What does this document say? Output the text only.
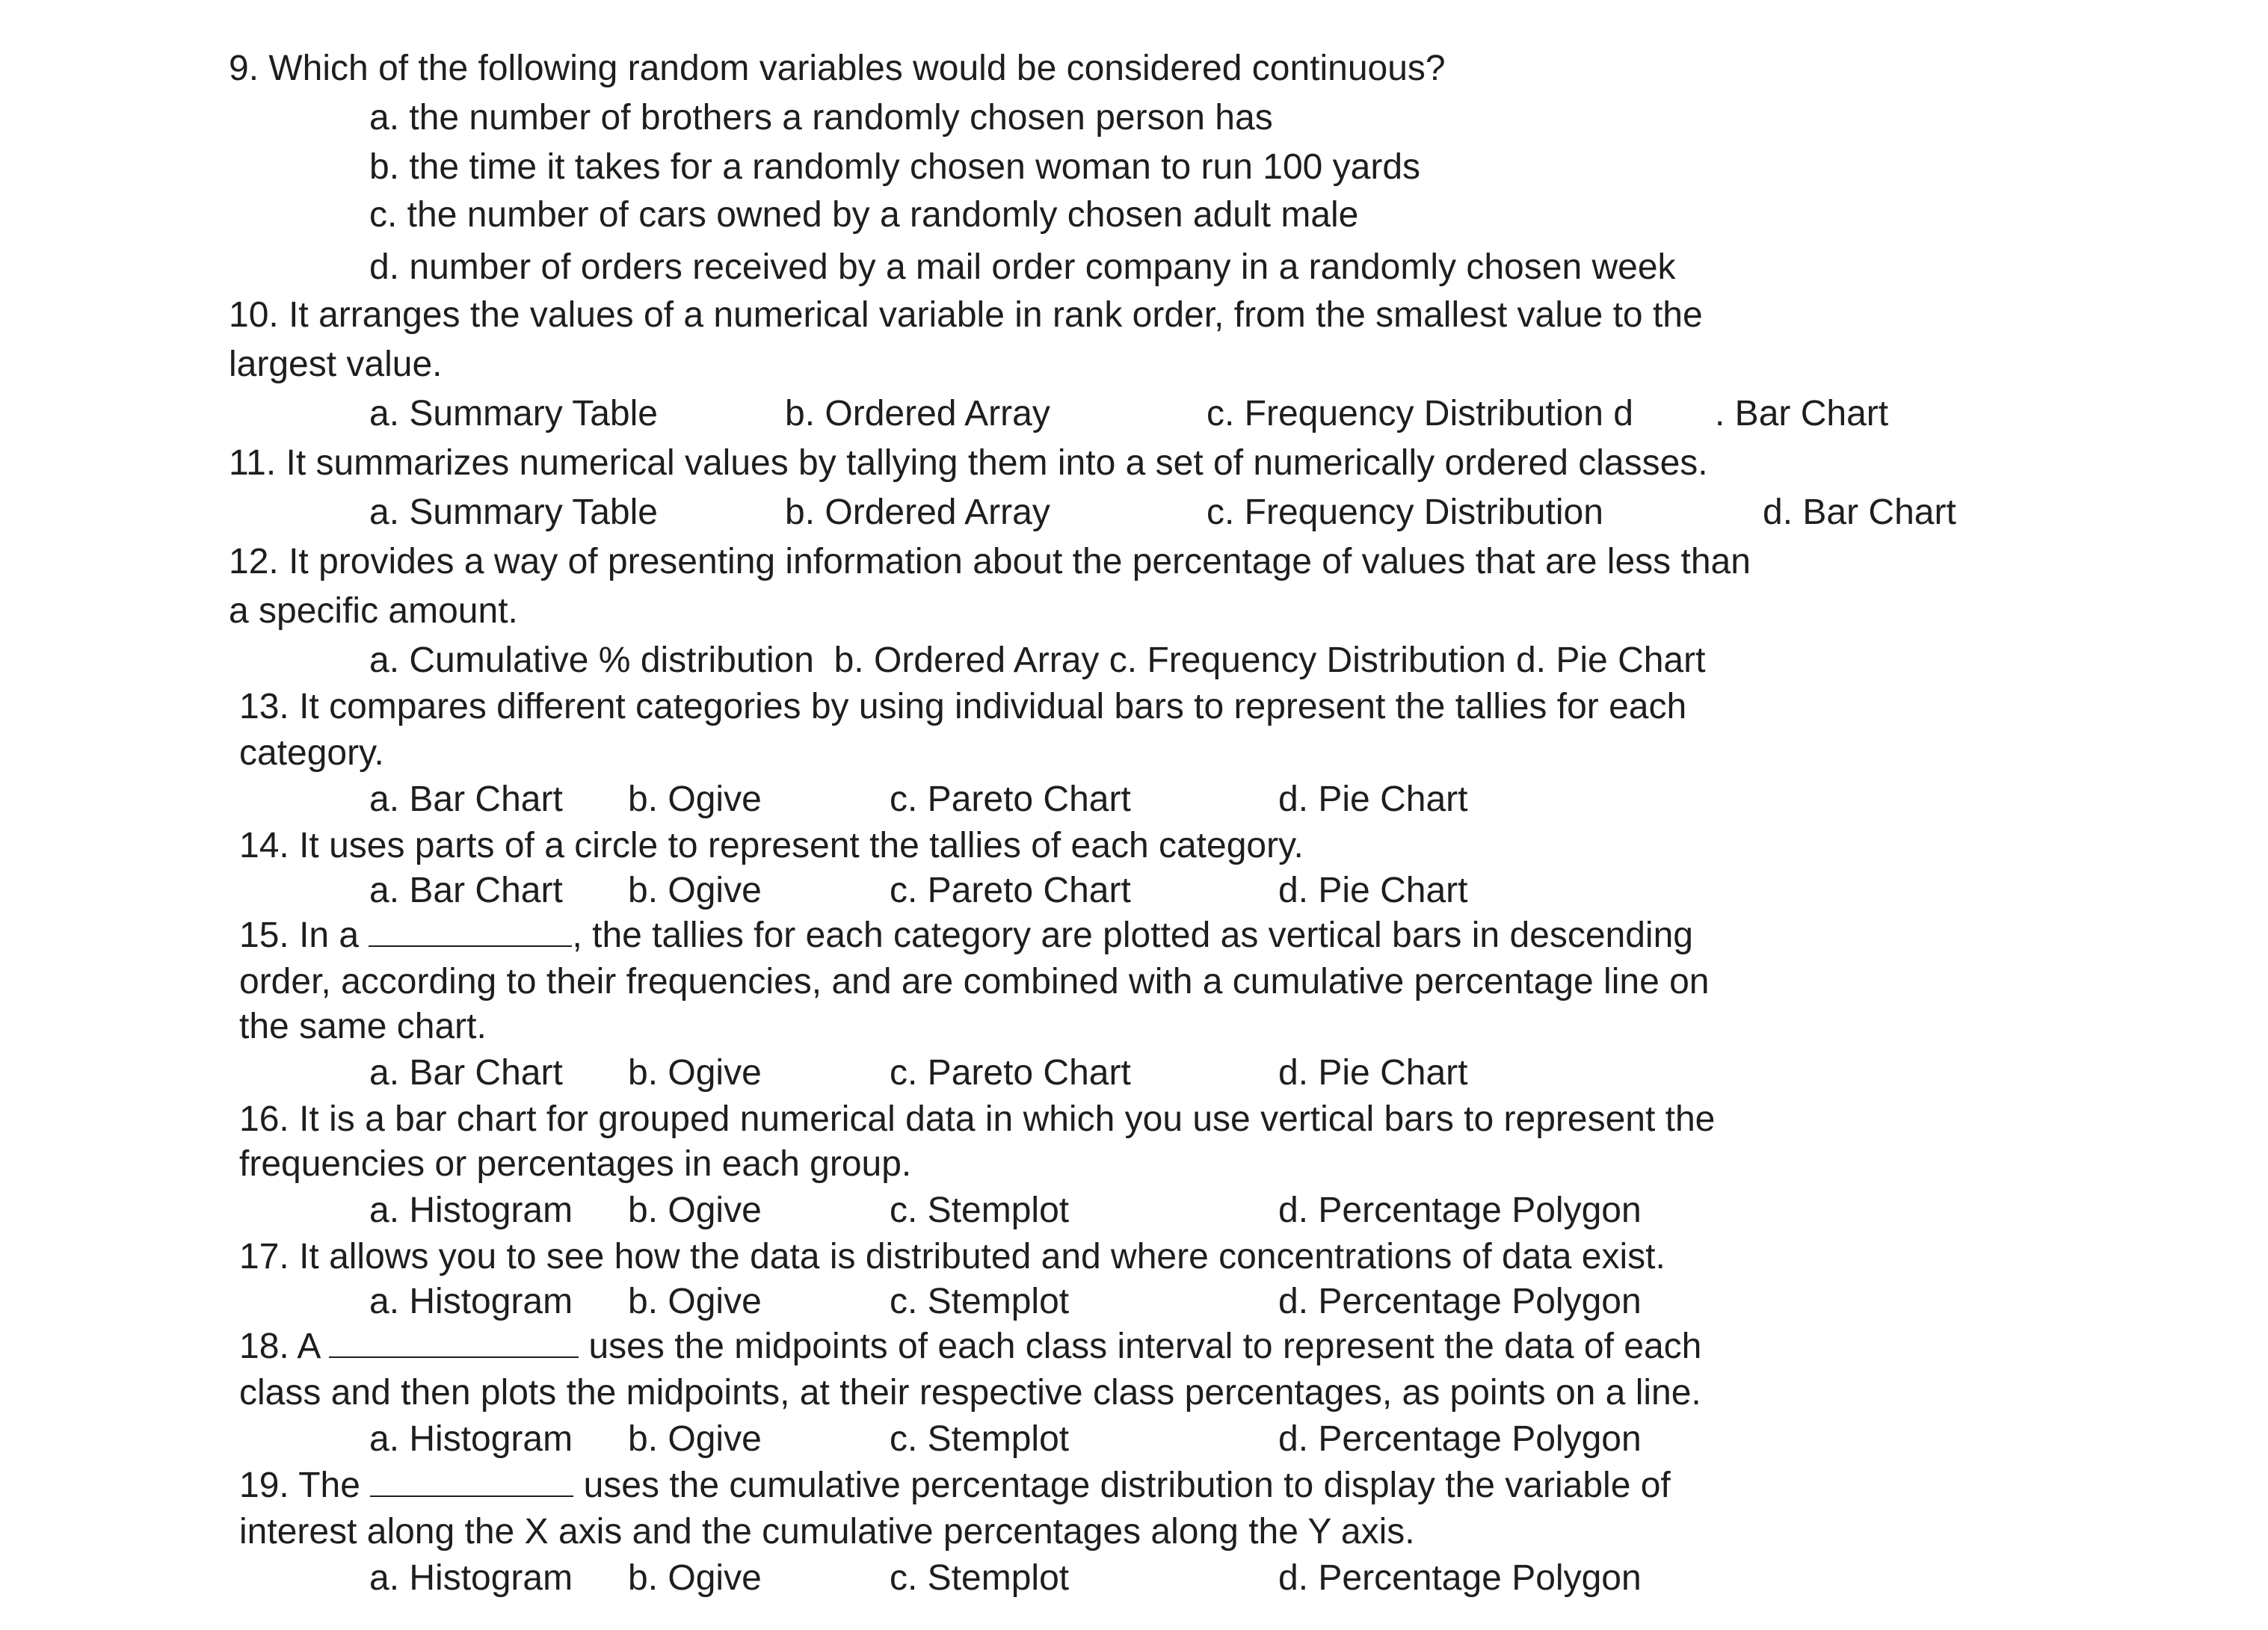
9. Which of the following random variables would be considered continuous?
a. the number of brothers a randomly chosen person has
b. the time it takes for a randomly chosen woman to run 100 yards
c. the number of cars owned by a randomly chosen adult male
d. number of orders received by a mail order company in a randomly chosen week
10. It arranges the values of a numerical variable in rank order, from the smallest value to the
largest value.
a. Summary Table	b. Ordered Array	c. Frequency Distribution d . Bar Chart
11. It summarizes numerical values by tallying them into a set of numerically ordered classes.
a. Summary Table	b. Ordered Array	c. Frequency Distribution	d. Bar Chart
12. It provides a way of presenting information about the percentage of values that are less than
a specific amount.
a. Cumulative % distribution  b. Ordered Array c. Frequency Distribution d. Pie Chart
13. It compares different categories by using individual bars to represent the tallies for each
category.
a. Bar Chart b. Ogive	c. Pareto Chart	d. Pie Chart
14. It uses parts of a circle to represent the tallies of each category.
a. Bar Chart b. Ogive	c. Pareto Chart	d. Pie Chart
15. In a	, the tallies for each category are plotted as vertical bars in descending
order, according to their frequencies, and are combined with a cumulative percentage line on
the same chart.
a. Bar Chart b. Ogive	c. Pareto Chart	d. Pie Chart
16. It is a bar chart for grouped numerical data in which you use vertical bars to represent the
frequencies or percentages in each group.
a. Histogram b. Ogive	c. Stemplot	d. Percentage Polygon
17. It allows you to see how the data is distributed and where concentrations of data exist.
a. Histogram b. Ogive	c. Stemplot	d. Percentage Polygon
18. A	uses the midpoints of each class interval to represent the data of each
class and then plots the midpoints, at their respective class percentages, as points on a line.
a. Histogram b. Ogive	c. Stemplot	d. Percentage Polygon
19. The	uses the cumulative percentage distribution to display the variable of
interest along the X axis and the cumulative percentages along the Y axis.
a. Histogram b. Ogive	c. Stemplot	d. Percentage Polygon
